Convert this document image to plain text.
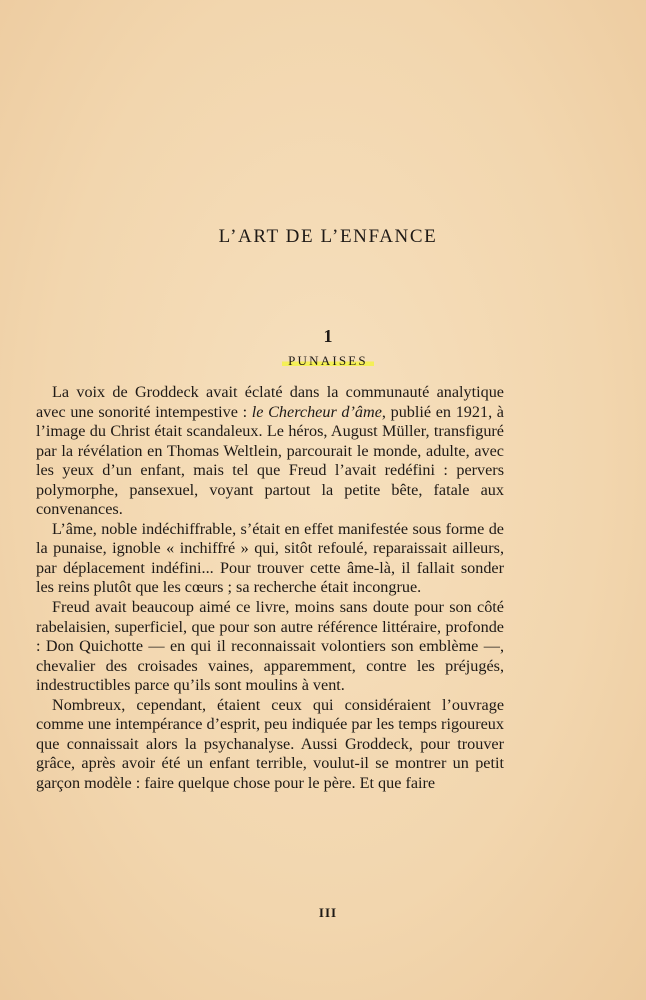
L’ART DE L’ENFANCE
1
PUNAISES

La voix de Groddeck avait éclaté dans la communauté analytique avec une sonorité intempestive : le Chercheur d’âme, publié en 1921, à l’image du Christ était scandaleux. Le héros, August Müller, transfiguré par la révélation en Thomas Weltlein, parcourait le monde, adulte, avec les yeux d’un enfant, mais tel que Freud l’avait redéfini : pervers polymorphe, pansexuel, voyant partout la petite bête, fatale aux convenances.

L’âme, noble indéchiffrable, s’était en effet manifestée sous forme de la punaise, ignoble « inchiffré » qui, sitôt refoulé, reparaissait ailleurs, par déplacement indéfini... Pour trouver cette âme-là, il fallait sonder les reins plutôt que les cœurs ; sa recherche était incongrue.

Freud avait beaucoup aimé ce livre, moins sans doute pour son côté rabelaisien, superficiel, que pour son autre référence littéraire, profonde : Don Quichotte — en qui il reconnaissait volontiers son emblème —, chevalier des croisades vaines, apparemment, contre les préjugés, indestructibles parce qu’ils sont moulins à vent.

Nombreux, cependant, étaient ceux qui considéraient l’ouvrage comme une intempérance d’esprit, peu indiquée par les temps rigoureux que connaissait alors la psychanalyse. Aussi Groddeck, pour trouver grâce, après avoir été un enfant terrible, voulut-il se montrer un petit garçon modèle : faire quelque chose pour le père. Et que faire

III
